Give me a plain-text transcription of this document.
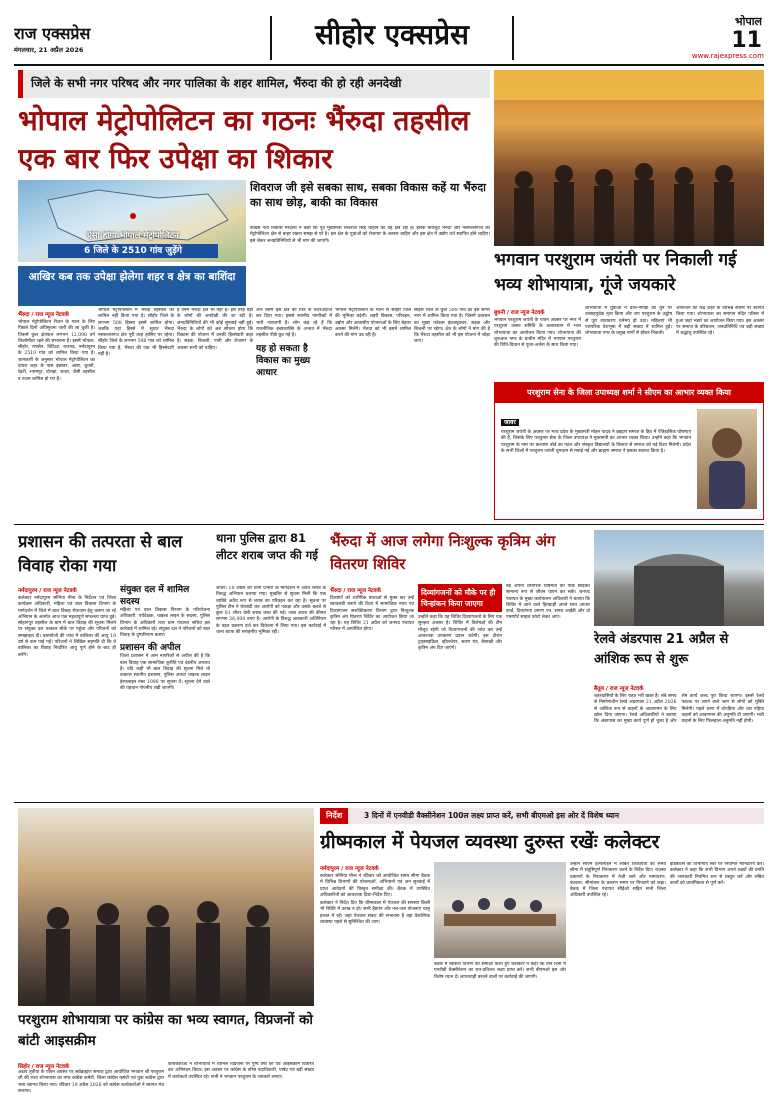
राज एक्सप्रेस
मंगलवार, 21 अप्रैल 2026	सीहोर एक्सप्रेस	भोपाल
11
www.rajexpress.com
जिले के सभी नगर परिषद और नगर पालिका के शहर शामिल, भैंरुदा की हो रही अनदेखी
भोपाल मेट्रोपोलिटन का गठनः भैंरुदा तहसील एक बार फिर उपेक्षा का शिकार
ऐसा होगा भोपाल मेट्रोपोलिटन
6 जिले के 2510 गांव जुड़ेंगे
आखिर कब तक उपेक्षा झेलेगा शहर व क्षेत्र का बाशिंदा
शिवराज जी इसे सबका साथ, सबका विकास कहें या भैंरुदा का साथ छोड़, बाकी का विकास
कांग्रेस नेता विकास मरदाना ने कहा कि पूर्व मुख्यमंत्री शिवराज सिंह चौहान का यह क्षेत्र रहा है। इसके बावजूद भैंरुदा और नसरुल्लागंज को मेट्रोपोलिटन क्षेत्र से बाहर रखना समझ से परे है। इस क्षेत्र के युवाओं को रोजगार के अवसर चाहिए और इस क्षेत्र में उद्योग धंधे स्थापित होने चाहिए। इसे लेकर जनप्रतिनिधियों से भी मांग की जाएगी।
भैंरुदा / राज न्यूज नेटवर्क
भोपाल मेट्रोपोलिटन रीजन के गठन के लिए पिछले दिनों अधिसूचना जारी की जा चुकी है। जिसमें कुल क्षेत्रफल लगभग 12,098 वर्ग किलोमीटर रहने की संभावना है। इसमें भोपाल, सीहोर, रायसेन, विदिशा, राजगढ़, नर्मदापुरम के 2510 गांव को शामिल किया गया है। जानकारी के अनुसार भोपाल मेट्रोपोलिटन का दायरा शहर के पास इछावर, आष्टा, बुधनी, रेहटी, श्यामपुर, दोराहा, जावर, जैसी तहसील व टाउन शामिल हो गए हैं।
भोपाल मेट्रोपोलिटन में भैंरुदा तहसील को शामिल नहीं किया गया है। सीहोर जिले के लगभग 508 हिस्सा इसमें शामिल होगा। जबकि यहां हिस्से में सुधार भैंरुदा नसरुल्लागंज क्षेत्र पूरी तरह हासिए पर रहेगा। सीहोर जिले के लगभग 508 गांव को शामिल किया गया है, भैंरुदा की एक भी हिस्सेदारी नहीं है।
हैं उनमें भैंरुदा क्षेत्र भी नहीं है। इस तरह यहां के लोगों की अनदेखी की जा रही है। जनप्रतिनिधियों की भी कोई सुनवाई नहीं हुई। भैंरुदा के लोगों को अब सोचना होगा कि विकास की योजना में उनकी हिस्सेदारी कहां है। सड़क, बिजली, पानी और रोजगार के अवसर सभी को चाहिए।
और उसमें इस क्षेत्र को फिर से नजरअंदाज कर दिया गया। इससे स्थानीय नागरिकों में भारी नाराजगी है। लोग कह रहे हैं कि राजनीतिक इच्छाशक्ति के अभाव में भैंरुदा तहसील पीछे छूट गई है।
यह हो सकता है विकास का मुख्य आधार
भोपाल मेट्रोपोलिटन के गठन से सीहोर जिले की भूमिका बढ़ेगी। शहरी विकास, परिवहन, उद्योग और आवासीय योजनाओं के लिए बेहतर अवसर मिलेंगे। भैंरुदा को भी इसमें शामिल करने की मांग उठ रही है।
सीहोर जिले के कुल 599 गांव को इस सागर नगर में शामिल किया गया है। जिसमें प्रशासन का मुख्य फोकस इंफ्रास्ट्रक्चर, सड़क और बिजली पर रहेगा। क्षेत्र के लोगों ने मांग की है कि भैंरुदा तहसील को भी इस योजना में जोड़ा जाए।
भगवान परशुराम जयंती पर निकाली गई भव्य शोभायात्रा, गूंजे जयकारे
बुधनी / राज न्यूज नेटवर्क
भगवान परशुराम जयंती के पावन अवसर पर नगर में परशुराम उत्सव समिति के तत्वावधान में भव्य शोभायात्रा का आयोजन किया गया। शोभायात्रा की शुरुआत नगर के प्राचीन मंदिर में भगवान परशुराम की विधि-विधान से पूजा-अर्चना के साथ किया गया।
शोभायात्रा में युवाओं ने ढोल-नगाड़ों की धुन पर उत्साहपूर्वक नृत्य किया और जय परशुराम के उद्घोष से पूरा वातावरण धर्ममय हो उठा। महिलाएं भी पारंपरिक वेशभूषा में बड़ी संख्या में शामिल हुईं। शोभायात्रा नगर के प्रमुख मार्गों से होकर निकली।
आयोजन का केंद्र शहर के विभिन्न स्थानों पर स्वागत किया गया। शोभायात्रा का समापन मंदिर परिसर में हुआ जहां भंडारे का आयोजन किया गया। इस अवसर पर समाज के वरिष्ठजन, जनप्रतिनिधि एवं बड़ी संख्या में श्रद्धालु उपस्थित रहे।
परशुराम सेना के जिला उपाध्यक्ष शर्मा ने सीएम का आभार व्यक्त किया
जावर
परशुराम जयंती के अवसर पर मध्य प्रदेश के मुख्यमंत्री मोहन यादव ने ब्राह्मण समाज के हित में ऐतिहासिक घोषणाएं की हैं, जिसके लिए परशुराम सेना के जिला उपाध्यक्ष ने मुख्यमंत्री का आभार व्यक्त किया। उन्होंने कहा कि भगवान परशुराम के नाम पर कल्याण बोर्ड का गठन और संस्कृत विद्यालयों के विस्तार से समाज को नई दिशा मिलेगी। प्रदेश के सभी जिलों में परशुराम जयंती धूमधाम से मनाई गई और ब्राह्मण समाज ने इसका स्वागत किया है।
प्रशासन की तत्परता से बाल विवाह रोका गया
नर्मदापुरम / राज न्यूज नेटवर्क
कलेक्टर नर्मदापुरम सोनिया मीना के निर्देशन एवं जिला कार्यक्रम अधिकारी, महिला एवं बाल विकास विभाग के मार्गदर्शन में जिले में बाल विवाह रोकथाम हेतु चलाए जा रहे अभियान के अंतर्गत आज एक महत्वपूर्ण सफलता प्राप्त हुई। सोहागपुर तहसील के ग्राम में बाल विवाह की सूचना मिलने पर संयुक्त दल तत्काल मौके पर पहुंचा और परिजनों को समझाइश दी। दस्तावेजों की जांच में बालिका की आयु 18 वर्ष से कम पाई गई। परिजनों ने लिखित सहमति दी कि वे बालिका का विवाह निर्धारित आयु पूर्ण होने के बाद ही करेंगे।
संयुक्त दल में शामिल सदस्य
महिला एवं बाल विकास विभाग के परियोजना अधिकारी, पर्यवेक्षक, चाइल्ड लाइन के सदस्य, पुलिस विभाग के अधिकारी तथा ग्राम पंचायत सचिव इस कार्रवाई में शामिल रहे। संयुक्त दल ने परिजनों को बाल विवाह के दुष्परिणाम बताए।
प्रशासन की अपील
जिला प्रशासन ने आम नागरिकों से अपील की है कि बाल विवाह एक सामाजिक कुरीति एवं दंडनीय अपराध है। यदि कहीं भी बाल विवाह की सूचना मिले तो तत्काल स्थानीय प्रशासन, पुलिस अथवा चाइल्ड लाइन हेल्पलाइन नंबर 1098 पर सूचना दें। सूचना देने वाले की पहचान गोपनीय रखी जाएगी।
थाना पुलिस द्वारा 81 लीटर शराब जप्त की गई
जावर। 18 अप्रैल को थाना प्रभारी के मार्गदर्शन में अवैध शराब के विरुद्ध अभियान चलाया गया। मुखबिर से सूचना मिली कि एक व्यक्ति अवैध रूप से शराब का परिवहन कर रहा है। सूचना पर पुलिस टीम ने घेराबंदी कर आरोपी को पकड़ा और उसके कब्जे से कुल 81 लीटर देसी शराब जब्त की गई। जब्त शराब की कीमत लगभग 36,000 रुपए है। आरोपी के विरुद्ध आबकारी अधिनियम के तहत प्रकरण दर्ज कर विवेचना में लिया गया। इस कार्रवाई में थाना स्टाफ की सराहनीय भूमिका रही।
भैंरुदा में आज लगेगा निःशुल्क कृत्रिम अंग वितरण शिविर
भैंरुदा / राज न्यूज नेटवर्क
दिव्यांगों को शारीरिक बाधाओं से मुक्त कर उन्हें स्वावलंबी बनाने की दिशा में सामाजिक न्याय एवं दिव्यांगजन सशक्तिकरण विभाग द्वारा निःशुल्क कृत्रिम अंग वितरण शिविर का आयोजन किया जा रहा है। यह शिविर 21 अप्रैल को जनपद पंचायत परिसर में आयोजित होगा।
दिव्यांगजनों को मौके पर ही चिन्हांकन किया जाएगा
उन्होंने कहा कि यह शिविर दिव्यांगजनों के लिए एक सुनहरा अवसर है। शिविर में विशेषज्ञों की टीम मौजूद रहेगी जो दिव्यांगजनों की जांच कर उन्हें आवश्यक उपकरण प्रदान करेगी। इस दौरान ट्राइसाइकिल, व्हीलचेयर, श्रवण यंत्र, बैसाखी और कृत्रिम अंग दिए जाएंगे।
वह अपनी शारीरिक विषमता को पीछे छोड़कर सामान्य रूप से जीवन यापन कर सकें। जनपद पंचायत के मुख्य कार्यपालन अधिकारी ने बताया कि शिविर में आने वाले हितग्राही अपने साथ आधार कार्ड, दिव्यांगता प्रमाण पत्र, समग्र आईडी और दो पासपोर्ट साइज फोटो लेकर आएं।
रेलवे अंडरपास 21 अप्रैल से आंशिक रूप से शुरू
बैतूल / राज न्यूज नेटवर्क
शहरवासियों के लिए राहत भरी खबर है। लंबे समय से निर्माणाधीन रेलवे अंडरपास 21 अप्रैल 2026 से आंशिक रूप से वाहनों के आवागमन के लिए खोल दिया जाएगा। रेलवे अधिकारियों ने बताया कि अंडरपास का मुख्य कार्य पूर्ण हो चुका है और शेष कार्य जल्द पूरा किया जाएगा। इससे रेलवे फाटक पर लगने वाले जाम से लोगों को मुक्ति मिलेगी। पहले चरण में दोपहिया और चार पहिया वाहनों को आवागमन की अनुमति दी जाएगी। भारी वाहनों के लिए फिलहाल अनुमति नहीं होगी।
परशुराम शोभायात्रा पर कांग्रेस का भव्य स्वागत, विप्रजनों को बांटी आइसक्रीम
सिहोर / राज न्यूज नेटवर्क
अक्षय तृतीया के पावन अवसर पर सर्वब्राह्मण समाज द्वारा आयोजित भगवान श्री परशुराम जी की भव्य शोभायात्रा का नगर कांग्रेस कमेटी, जिला कांग्रेस कमेटी एवं युवा कांग्रेस द्वारा भव्य स्वागत किया गया। रविवार 19 अप्रैल 2026 को कांग्रेस कार्यकर्ताओं ने स्वागत मंच सजाया।
कार्यकर्ताओं ने शोभायात्रा में शामिल विप्रजनों पर पुष्प वर्षा की एवं आइसक्रीम वितरित कर अभिनंदन किया। इस अवसर पर कांग्रेस के वरिष्ठ पदाधिकारी, पार्षद एवं बड़ी संख्या में कार्यकर्ता उपस्थित रहे। सभी ने भगवान परशुराम के जयकारे लगाए।
निर्देश	3 दिनों में एनवीडी वैक्सीनेशन 100ल लक्ष्य प्राप्त करें, सभी बीएमओ इस ओर दें विशेष ध्यान
ग्रीष्मकाल में पेयजल व्यवस्था दुरुस्त रखेंः कलेक्टर
नर्मदापुरम / राज न्यूज नेटवर्क
कलेक्टर सोनिया मीना ने रविवार को आयोजित समय सीमा बैठक में विभिन्न विभागों की योजनाओं, अभियानों एवं जन सुनवाई में प्राप्त आवेदनों की विस्तृत समीक्षा की। बैठक में उपस्थित अधिकारियों को आवश्यक दिशा-निर्देश दिए।
कलेक्टर ने निर्देश दिए कि ग्रीष्मकाल में पेयजल की समस्या किसी भी स्थिति में उत्पन्न न हो। सभी हैंडपंप और नल-जल योजनाएं चालू हालत में रहें। जहां पेयजल संकट की संभावना है वहां वैकल्पिक व्यवस्था पहले से सुनिश्चित की जाए।
बैठक में स्वास्थ्य विभाग की समीक्षा करते हुए कलेक्टर ने कहा कि तीन दिनों में एनवीडी वैक्सीनेशन का शत-प्रतिशत लक्ष्य प्राप्त करें। सभी बीएमओ इस ओर विशेष ध्यान दें। लापरवाही बरतने वालों पर कार्रवाई की जाएगी।
उन्होंने सीएम हेल्पलाइन में लंबित शिकायतों का समय सीमा में संतुष्टिपूर्ण निराकरण करने के निर्देश दिए। राजस्व प्रकरणों के निराकरण में तेजी लाने और नामांतरण, बंटवारा, सीमांकन के प्रकरण समय पर निपटाने को कहा। बैठक में जिला पंचायत सीईओ सहित सभी जिला अधिकारी उपस्थित रहे।
इंडिकेटर्स की विभागीय स्तर पर नियमित मॉनिटरिंग करें। कलेक्टर ने कहा कि सभी विभाग अपने लक्ष्यों की प्रगति की जानकारी नियमित रूप से प्रस्तुत करें और लंबित कार्यों को प्राथमिकता से पूर्ण करें।
